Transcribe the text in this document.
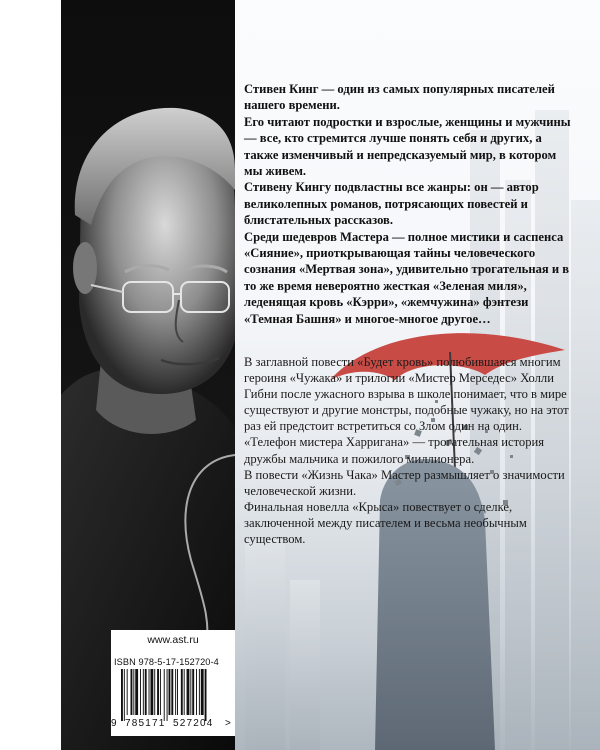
Стивен Кинг — один из самых популярных писателей нашего времени.

Его читают подростки и взрослые, женщины и мужчины — все, кто стремится лучше понять себя и других, а также изменчивый и непредсказуемый мир, в котором мы живем.

Стивену Кингу подвластны все жанры: он — автор великолепных романов, потрясающих повестей и блистательных рассказов.

Среди шедевров Мастера — полное мистики и саспенса «Сияние», приоткрывающая тайны человеческого сознания «Мертвая зона», удивительно трогательная и в то же время невероятно жесткая «Зеленая миля», леденящая кровь «Кэрри», «жемчужина» фэнтези «Темная Башня» и многое-многое другое…

В заглавной повести «Будет кровь» полюбившаяся многим героиня «Чужака» и трилогии «Мистер Мерседес» Холли Гибни после ужасного взрыва в школе понимает, что в мире существуют и другие монстры, подобные чужаку, но на этот раз ей предстоит встретиться со Злом один на один.

«Телефон мистера Харригана» — трогательная история дружбы мальчика и пожилого миллионера.

В повести «Жизнь Чака» Мастер размышляет о значимости человеческой жизни.

Финальная новелла «Крыса» повествует о сделке, заключенной между писателем и весьма необычным существом.

www.ast.ru
ISBN 978-5-17-152720-4
9 785171 527204 >
